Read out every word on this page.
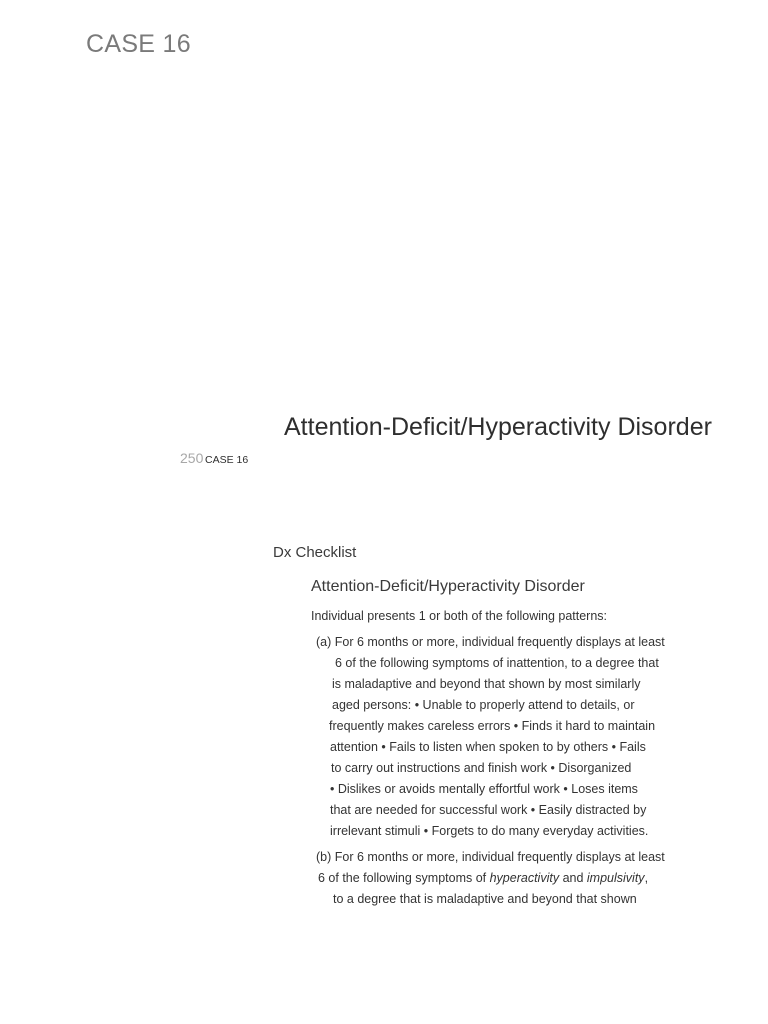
CASE 16
Attention-Deficit/Hyperactivity Disorder
250 CASE 16
Dx Checklist
Attention-Deficit/Hyperactivity Disorder
Individual presents 1 or both of the following patterns:
(a) For 6 months or more, individual frequently displays at least
6 of the following symptoms of inattention, to a degree that
is maladaptive and beyond that shown by most similarly
aged persons: • Unable to properly attend to details, or
frequently makes careless errors • Finds it hard to maintain
attention • Fails to listen when spoken to by others • Fails
to carry out instructions and finish work • Disorganized
• Dislikes or avoids mentally effortful work • Loses items
that are needed for successful work • Easily distracted by
irrelevant stimuli • Forgets to do many everyday activities.
(b) For 6 months or more, individual frequently displays at least
6 of the following symptoms of hyperactivity and impulsivity,
to a degree that is maladaptive and beyond that shown
